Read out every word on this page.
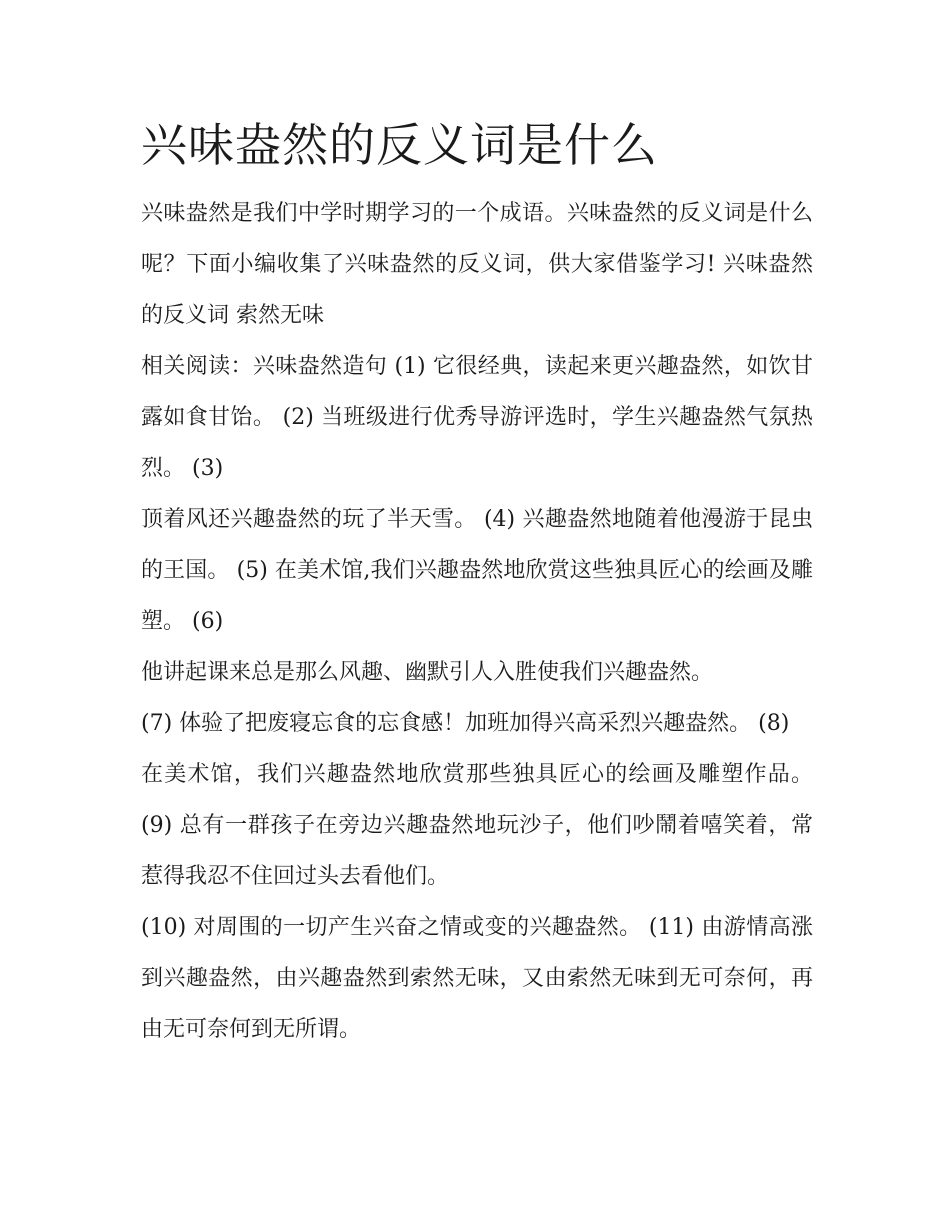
兴味盎然的反义词是什么

兴味盎然是我们中学时期学习的一个成语。兴味盎然的反义词是什么呢？下面小编收集了兴味盎然的反义词，供大家借鉴学习! 兴味盎然的反义词 索然无味

相关阅读：兴味盎然造句 (1) 它很经典，读起来更兴趣盎然，如饮甘露如食甘饴。 (2) 当班级进行优秀导游评选时，学生兴趣盎然气氛热烈。 (3)

顶着风还兴趣盎然的玩了半天雪。 (4) 兴趣盎然地随着他漫游于昆虫的王国。 (5) 在美术馆,我们兴趣盎然地欣赏这些独具匠心的绘画及雕塑。 (6)

他讲起课来总是那么风趣、幽默引人入胜使我们兴趣盎然。

(7) 体验了把废寝忘食的忘食感！加班加得兴高采烈兴趣盎然。 (8)

在美术馆，我们兴趣盎然地欣赏那些独具匠心的绘画及雕塑作品。 (9) 总有一群孩子在旁边兴趣盎然地玩沙子，他们吵鬧着嘻笑着，常惹得我忍不住回过头去看他们。

(10) 对周围的一切产生兴奋之情或变的兴趣盎然。 (11) 由游情高涨到兴趣盎然，由兴趣盎然到索然无味，又由索然无味到无可奈何，再由无可奈何到无所谓。
